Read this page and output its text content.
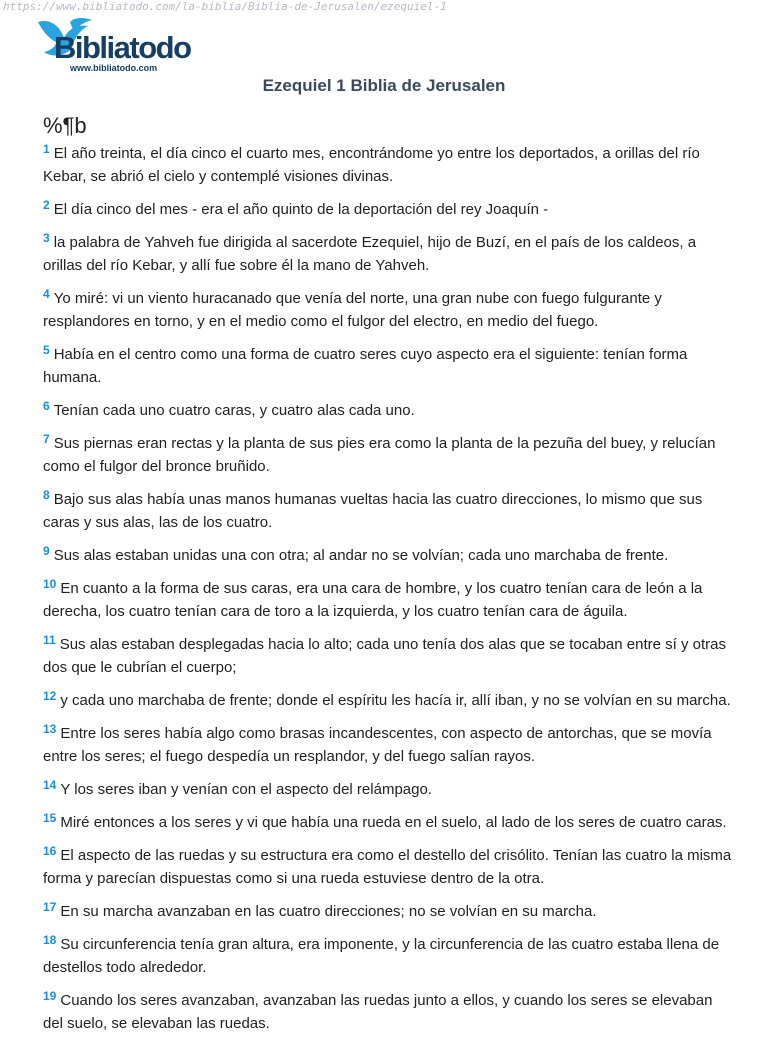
https://www.bibliatodo.com/la-biblia/Biblia-de-Jerusalen/ezequiel-1
Bibliatodo
www.bibliatodo.com
Ezequiel 1 Biblia de Jerusalen
%¶b

$^1$ El año treinta, el día cinco el cuarto mes, encontrándome yo entre los deportados, a orillas del río Kebar, se abrió el cielo y contemplé visiones divinas.

$^2$ El día cinco del mes - era el año quinto de la deportación del rey Joaquín -

$^3$ la palabra de Yahveh fue dirigida al sacerdote Ezequiel, hijo de Buzí, en el país de los caldeos, a orillas del río Kebar, y allí fue sobre él la mano de Yahveh.

$^4$ Yo miré: vi un viento huracanado que venía del norte, una gran nube con fuego fulgurante y resplandores en torno, y en el medio como el fulgor del electro, en medio del fuego.

$^5$ Había en el centro como una forma de cuatro seres cuyo aspecto era el siguiente: tenían forma humana.

$^6$ Tenían cada uno cuatro caras, y cuatro alas cada uno.

$^7$ Sus piernas eran rectas y la planta de sus pies era como la planta de la pezuña del buey, y relucían como el fulgor del bronce bruñido.

$^8$ Bajo sus alas había unas manos humanas vueltas hacia las cuatro direcciones, lo mismo que sus caras y sus alas, las de los cuatro.

$^9$ Sus alas estaban unidas una con otra; al andar no se volvían; cada uno marchaba de frente.

$^{10}$ En cuanto a la forma de sus caras, era una cara de hombre, y los cuatro tenían cara de león a la derecha, los cuatro tenían cara de toro a la izquierda, y los cuatro tenían cara de águila.

$^{11}$ Sus alas estaban desplegadas hacia lo alto; cada uno tenía dos alas que se tocaban entre sí y otras dos que le cubrían el cuerpo;

$^{12}$ y cada uno marchaba de frente; donde el espíritu les hacía ir, allí iban, y no se volvían en su marcha.

$^{13}$ Entre los seres había algo como brasas incandescentes, con aspecto de antorchas, que se movía entre los seres; el fuego despedía un resplandor, y del fuego salían rayos.

$^{14}$ Y los seres iban y venían con el aspecto del relámpago.

$^{15}$ Miré entonces a los seres y vi que había una rueda en el suelo, al lado de los seres de cuatro caras.

$^{16}$ El aspecto de las ruedas y su estructura era como el destello del crisólito. Tenían las cuatro la misma forma y parecían dispuestas como si una rueda estuviese dentro de la otra.

$^{17}$ En su marcha avanzaban en las cuatro direcciones; no se volvían en su marcha.

$^{18}$ Su circunferencia tenía gran altura, era imponente, y la circunferencia de las cuatro estaba llena de destellos todo alrededor.

$^{19}$ Cuando los seres avanzaban, avanzaban las ruedas junto a ellos, y cuando los seres se elevaban del suelo, se elevaban las ruedas.
